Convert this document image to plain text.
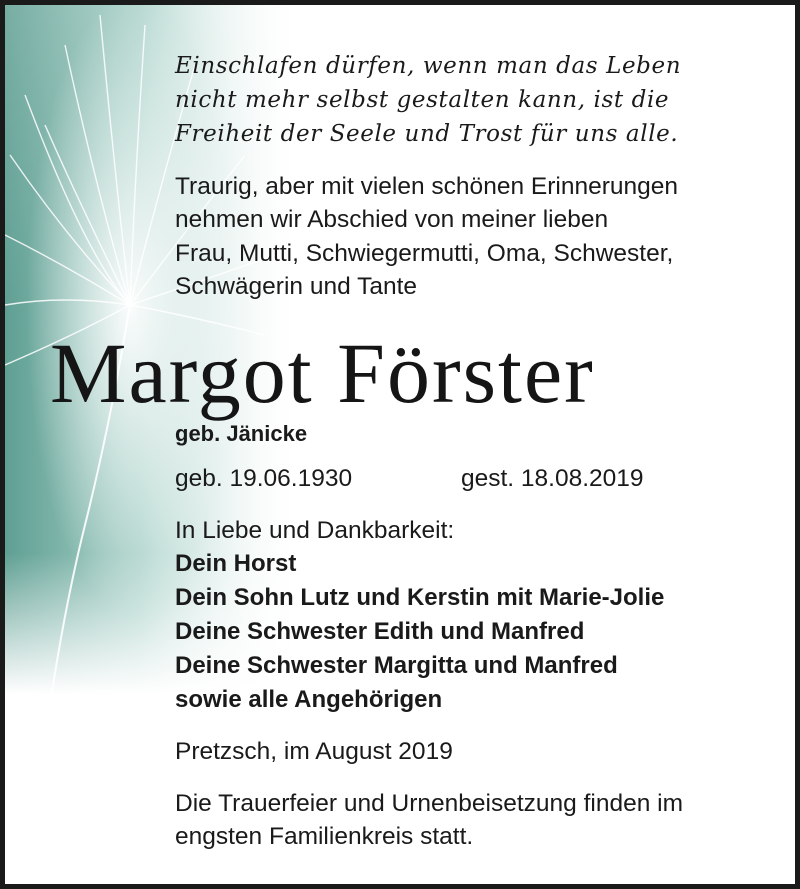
Einschlafen dürfen, wenn man das Leben
nicht mehr selbst gestalten kann, ist die
Freiheit der Seele und Trost für uns alle.
Traurig, aber mit vielen schönen Erinnerungen
nehmen wir Abschied von meiner lieben
Frau, Mutti, Schwiegermutti, Oma, Schwester,
Schwägerin und Tante
Margot Förster
geb. Jänicke
geb. 19.06.1930	gest. 18.08.2019
In Liebe und Dankbarkeit:
Dein Horst
Dein Sohn Lutz und Kerstin mit Marie-Jolie
Deine Schwester Edith und Manfred
Deine Schwester Margitta und Manfred
sowie alle Angehörigen
Pretzsch, im August 2019
Die Trauerfeier und Urnenbeisetzung finden im
engsten Familienkreis statt.
